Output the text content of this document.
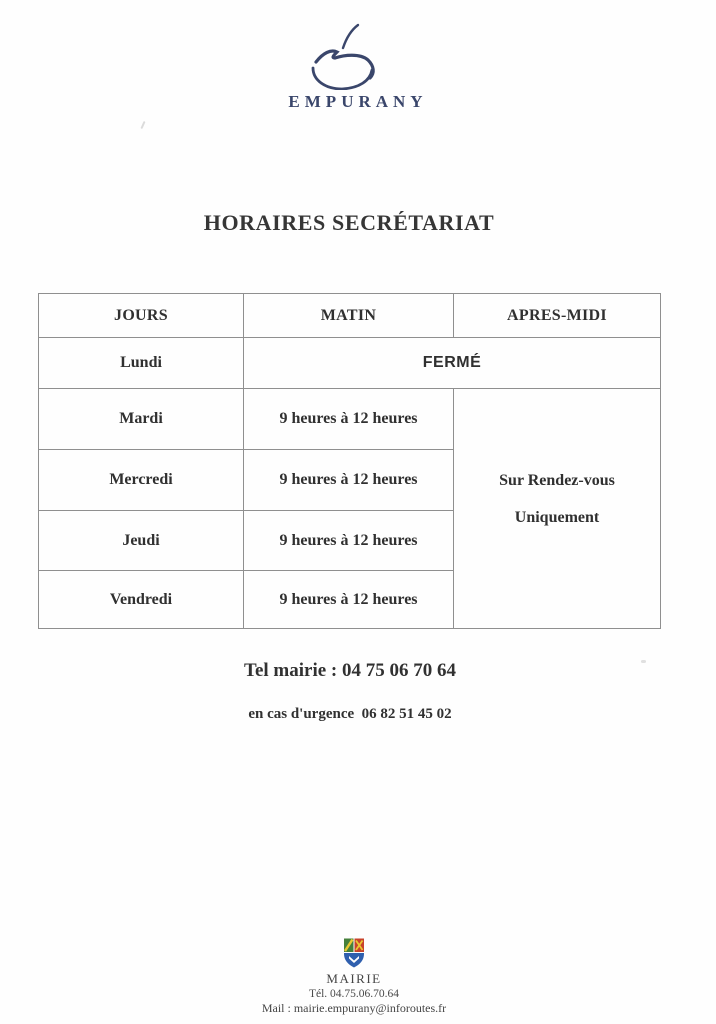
EMPURANY
HORAIRES SECRÉTARIAT
JOURS	MATIN	APRES-MIDI
Lundi	FERMÉ	
Mardi	9 heures à 12 heures	Sur Rendez-vous

Uniquement

Mercredi	9 heures à 12 heures	
Jeudi	9 heures à 12 heures	
Vendredi	9 heures à 12 heures	
Tel mairie : 04 75 06 70 64
en cas d'urgence  06 82 51 45 02
MAIRIE
Tél. 04.75.06.70.64
Mail : mairie.empurany@inforoutes.fr
